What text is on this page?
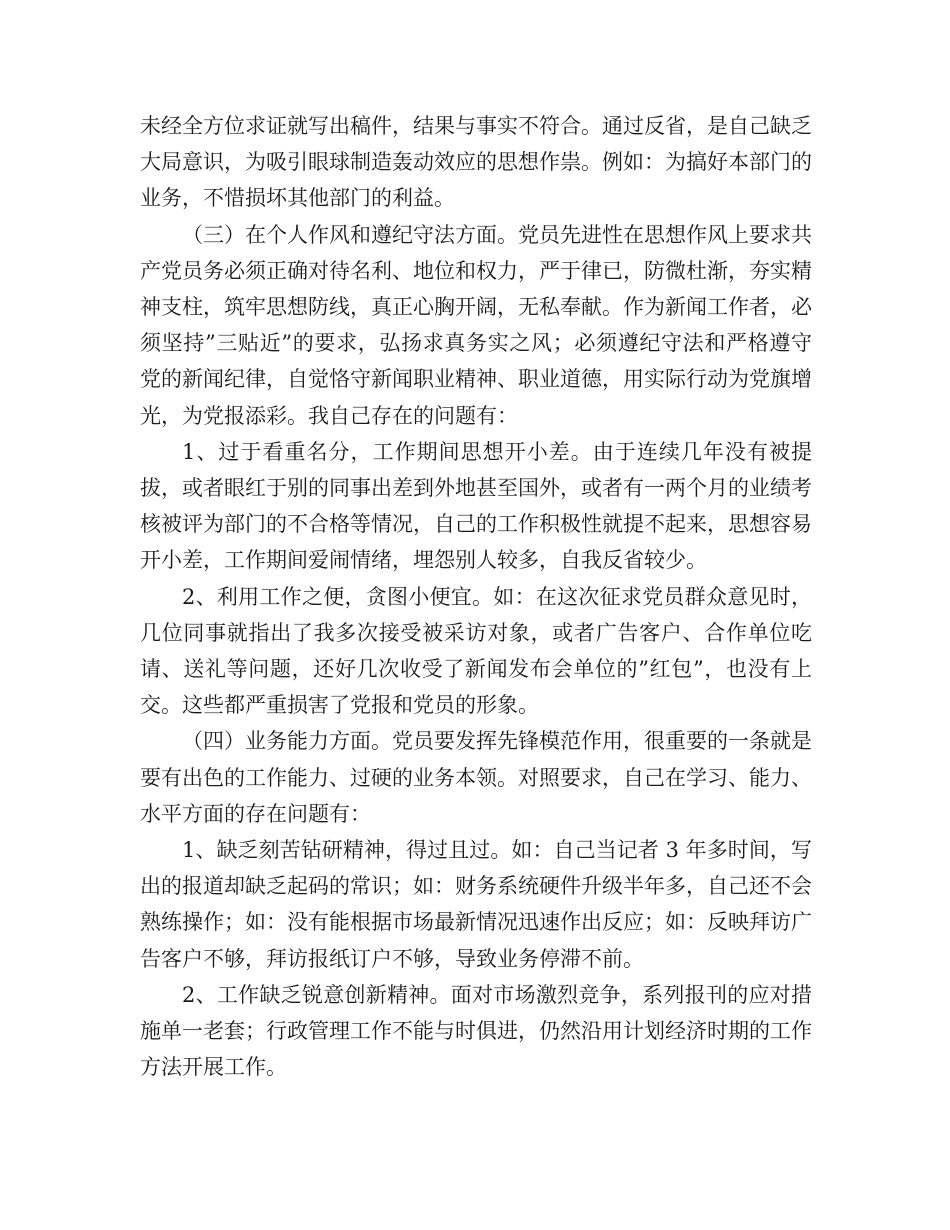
未经全方位求证就写出稿件，结果与事实不符合。通过反省，是自己缺乏大局意识，为吸引眼球制造轰动效应的思想作祟。例如：为搞好本部门的业务，不惜损坏其他部门的利益。

（三）在个人作风和遵纪守法方面。党员先进性在思想作风上要求共产党员务必须正确对待名利、地位和权力，严于律已，防微杜渐，夯实精神支柱，筑牢思想防线，真正心胸开阔，无私奉献。作为新闻工作者，必须坚持”三贴近”的要求，弘扬求真务实之风；必须遵纪守法和严格遵守党的新闻纪律，自觉恪守新闻职业精神、职业道德，用实际行动为党旗增光，为党报添彩。我自己存在的问题有：

1、过于看重名分，工作期间思想开小差。由于连续几年没有被提拔，或者眼红于别的同事出差到外地甚至国外，或者有一两个月的业绩考核被评为部门的不合格等情况，自己的工作积极性就提不起来，思想容易开小差，工作期间爱闹情绪，埋怨别人较多，自我反省较少。

2、利用工作之便，贪图小便宜。如：在这次征求党员群众意见时，几位同事就指出了我多次接受被采访对象，或者广告客户、合作单位吃请、送礼等问题，还好几次收受了新闻发布会单位的”红包”，也没有上交。这些都严重损害了党报和党员的形象。

（四）业务能力方面。党员要发挥先锋模范作用，很重要的一条就是要有出色的工作能力、过硬的业务本领。对照要求，自己在学习、能力、水平方面的存在问题有：

1、缺乏刻苦钻研精神，得过且过。如：自己当记者 3 年多时间，写出的报道却缺乏起码的常识；如：财务系统硬件升级半年多，自己还不会熟练操作；如：没有能根据市场最新情况迅速作出反应；如：反映拜访广告客户不够，拜访报纸订户不够，导致业务停滞不前。

2、工作缺乏锐意创新精神。面对市场激烈竞争，系列报刊的应对措施单一老套；行政管理工作不能与时俱进，仍然沿用计划经济时期的工作方法开展工作。
